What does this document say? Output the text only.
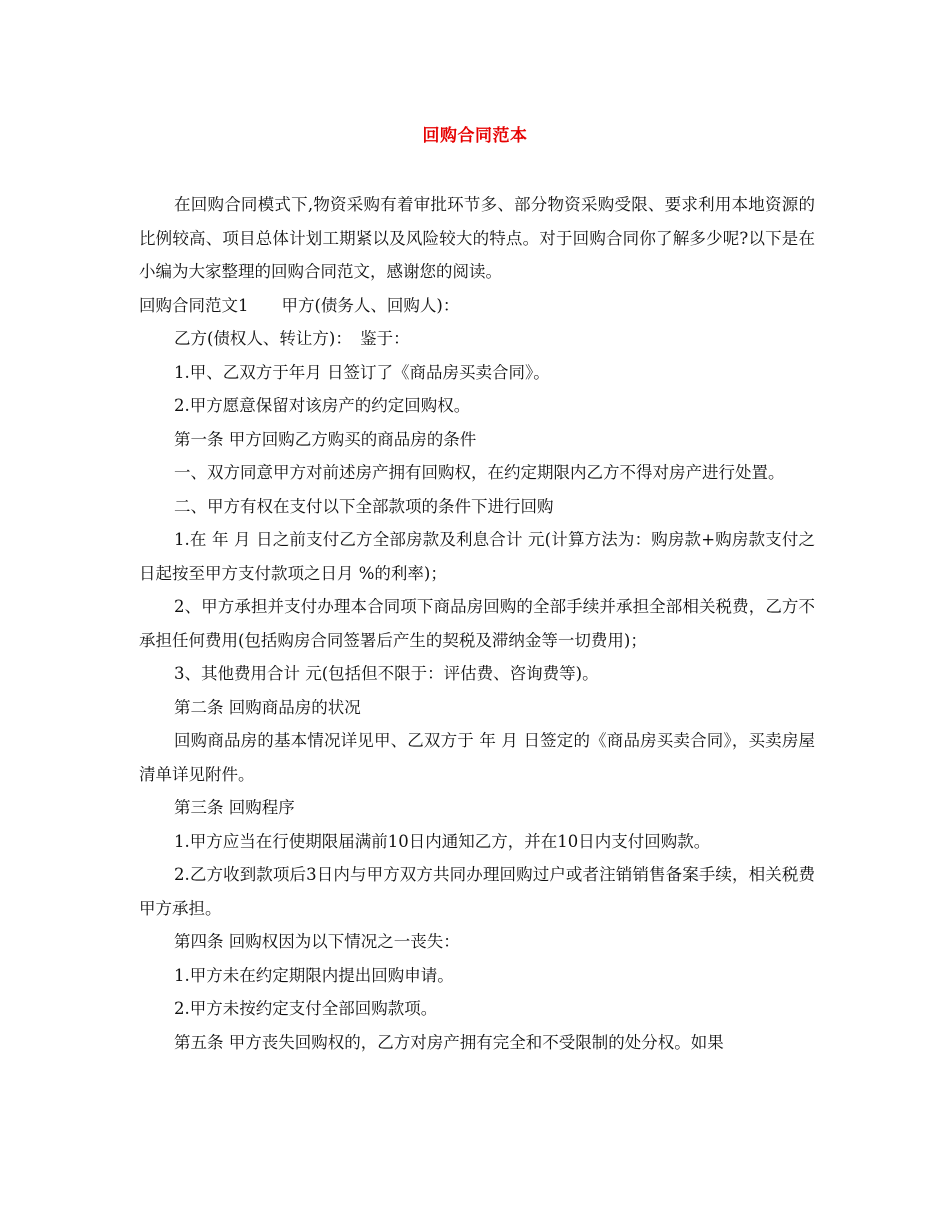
回购合同范本

在回购合同模式下,物资采购有着审批环节多、部分物资采购受限、要求利用本地资源的比例较高、项目总体计划工期紧以及风险较大的特点。对于回购合同你了解多少呢?以下是在小编为大家整理的回购合同范文，感谢您的阅读。

回购合同范文1　　甲方(债务人、回购人)：

乙方(债权人、转让方)：　鉴于：

1.甲、乙双方于年月 日签订了《商品房买卖合同》。

2.甲方愿意保留对该房产的约定回购权。

第一条 甲方回购乙方购买的商品房的条件

一、双方同意甲方对前述房产拥有回购权，在约定期限内乙方不得对房产进行处置。

二、甲方有权在支付以下全部款项的条件下进行回购

1.在 年 月 日之前支付乙方全部房款及利息合计 元(计算方法为：购房款+购房款支付之日起按至甲方支付款项之日月 %的利率)；

2、甲方承担并支付办理本合同项下商品房回购的全部手续并承担全部相关税费，乙方不承担任何费用(包括购房合同签署后产生的契税及滞纳金等一切费用)；

3、其他费用合计 元(包括但不限于：评估费、咨询费等)。

第二条 回购商品房的状况

回购商品房的基本情况详见甲、乙双方于 年 月 日签定的《商品房买卖合同》，买卖房屋清单详见附件。

第三条 回购程序

1.甲方应当在行使期限届满前10日内通知乙方，并在10日内支付回购款。

2.乙方收到款项后3日内与甲方双方共同办理回购过户或者注销销售备案手续，相关税费甲方承担。

第四条 回购权因为以下情况之一丧失：

1.甲方未在约定期限内提出回购申请。

2.甲方未按约定支付全部回购款项。

第五条 甲方丧失回购权的，乙方对房产拥有完全和不受限制的处分权。如果
